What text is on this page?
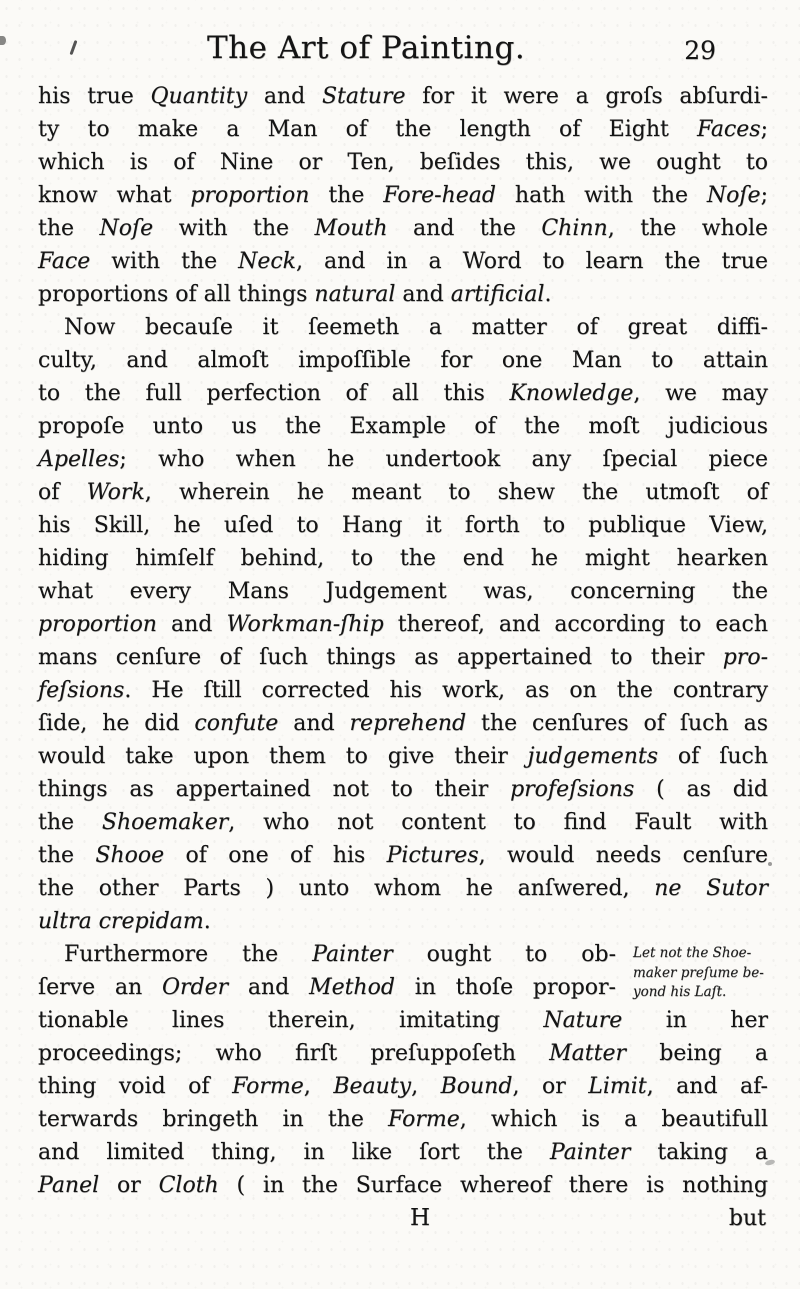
The Art of Painting.	29
his true Quantity and Stature for it were a groſs abſurdi-
ty to make a Man of the length of Eight Faces;
which is of Nine or Ten, beſides this, we ought to
know what proportion the Fore-head hath with the Noſe;
the Noſe with the Mouth and the Chinn, the whole
Face with the Neck, and in a Word to learn the true
proportions of all things natural and artificial.
Now becauſe it ſeemeth a matter of great diffi-
culty, and almoſt impoſſible for one Man to attain
to the full perfection of all this Knowledge, we may
propoſe unto us the Example of the moſt judicious
Apelles; who when he undertook any ſpecial piece
of Work, wherein he meant to shew the utmoſt of
his Skill, he uſed to Hang it forth to publique View,
hiding himſelf behind, to the end he might hearken
what every Mans Judgement was, concerning the
proportion and Workman-ſhip thereof, and according to each
mans cenſure of ſuch things as appertained to their pro-
feſsions. He ſtill corrected his work, as on the contrary
ſide, he did confute and reprehend the cenſures of ſuch as
would take upon them to give their judgements of ſuch
things as appertained not to their profeſsions ( as did
the Shoemaker, who not content to find Fault with
the Shooe of one of his Pictures, would needs cenſure
the other Parts ) unto whom he anſwered, ne Sutor
ultra crepidam.
Furthermore the Painter ought to ob-
ſerve an Order and Method in thoſe propor-
tionable lines therein, imitating Nature in her
proceedings; who firſt preſuppoſeth Matter being a
thing void of Forme, Beauty, Bound, or Limit, and af-
terwards bringeth in the Forme, which is a beautifull
and limited thing, in like ſort the Painter taking a
Panel or Cloth ( in the Surface whereof there is nothing
H	but
Let not the Shoe-
maker preſume be-
yond his Laſt.
